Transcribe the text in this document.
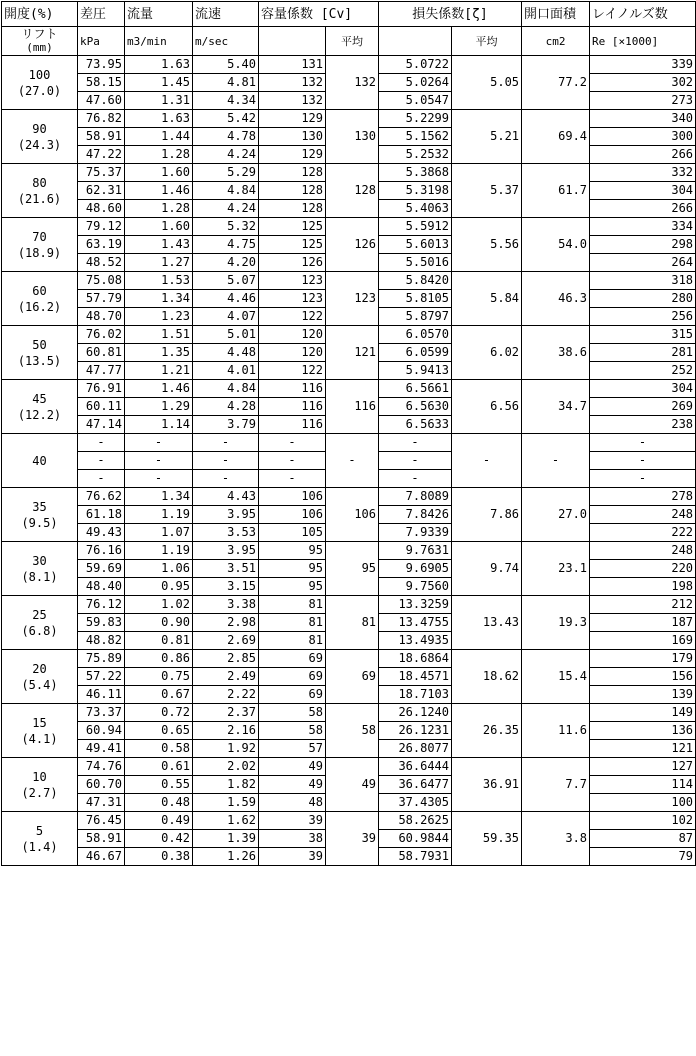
開度(%)	差圧	流量	流速	容量係数 [Cv]		損失係数[ζ]		開口面積	レイノルズ数

リフト
(mm)	kPa	m3/min	m/sec		平均		平均	cm2	Re [×1000]

100
(27.0)	73.95	1.63	5.40	131	132	5.0722	5.05	77.2	339
	58.15	1.45	4.81	132		5.0264			302
	47.60	1.31	4.34	132		5.0547			273

90
(24.3)	76.82	1.63	5.42	129	130	5.2299	5.21	69.4	340
	58.91	1.44	4.78	130		5.1562			300
	47.22	1.28	4.24	129		5.2532			266

80
(21.6)	75.37	1.60	5.29	128	128	5.3868	5.37	61.7	332
	62.31	1.46	4.84	128		5.3198			304
	48.60	1.28	4.24	128		5.4063			266

70
(18.9)	79.12	1.60	5.32	125	126	5.5912	5.56	54.0	334
	63.19	1.43	4.75	125		5.6013			298
	48.52	1.27	4.20	126		5.5016			264

60
(16.2)	75.08	1.53	5.07	123	123	5.8420	5.84	46.3	318
	57.79	1.34	4.46	123		5.8105			280
	48.70	1.23	4.07	122		5.8797			256

50
(13.5)	76.02	1.51	5.01	120	121	6.0570	6.02	38.6	315
	60.81	1.35	4.48	120		6.0599			281
	47.77	1.21	4.01	122		5.9413			252

45
(12.2)	76.91	1.46	4.84	116	116	6.5661	6.56	34.7	304
	60.11	1.29	4.28	116		6.5630			269
	47.14	1.14	3.79	116		6.5633			238

40	-	-	-	-	-	-	-	-	-
	-	-	-	-		-			-
	-	-	-	-		-			-

35
(9.5)	76.62	1.34	4.43	106	106	7.8089	7.86	27.0	278
	61.18	1.19	3.95	106		7.8426			248
	49.43	1.07	3.53	105		7.9339			222

30
(8.1)	76.16	1.19	3.95	95	95	9.7631	9.74	23.1	248
	59.69	1.06	3.51	95		9.6905			220
	48.40	0.95	3.15	95		9.7560			198

25
(6.8)	76.12	1.02	3.38	81	81	13.3259	13.43	19.3	212
	59.83	0.90	2.98	81		13.4755			187
	48.82	0.81	2.69	81		13.4935			169

20
(5.4)	75.89	0.86	2.85	69	69	18.6864	18.62	15.4	179
	57.22	0.75	2.49	69		18.4571			156
	46.11	0.67	2.22	69		18.7103			139

15
(4.1)	73.37	0.72	2.37	58	58	26.1240	26.35	11.6	149
	60.94	0.65	2.16	58		26.1231			136
	49.41	0.58	1.92	57		26.8077			121

10
(2.7)	74.76	0.61	2.02	49	49	36.6444	36.91	7.7	127
	60.70	0.55	1.82	49		36.6477			114
	47.31	0.48	1.59	48		37.4305			100

5
(1.4)	76.45	0.49	1.62	39	39	58.2625	59.35	3.8	102
	58.91	0.42	1.39	38		60.9844			87
	46.67	0.38	1.26	39		58.7931			79
